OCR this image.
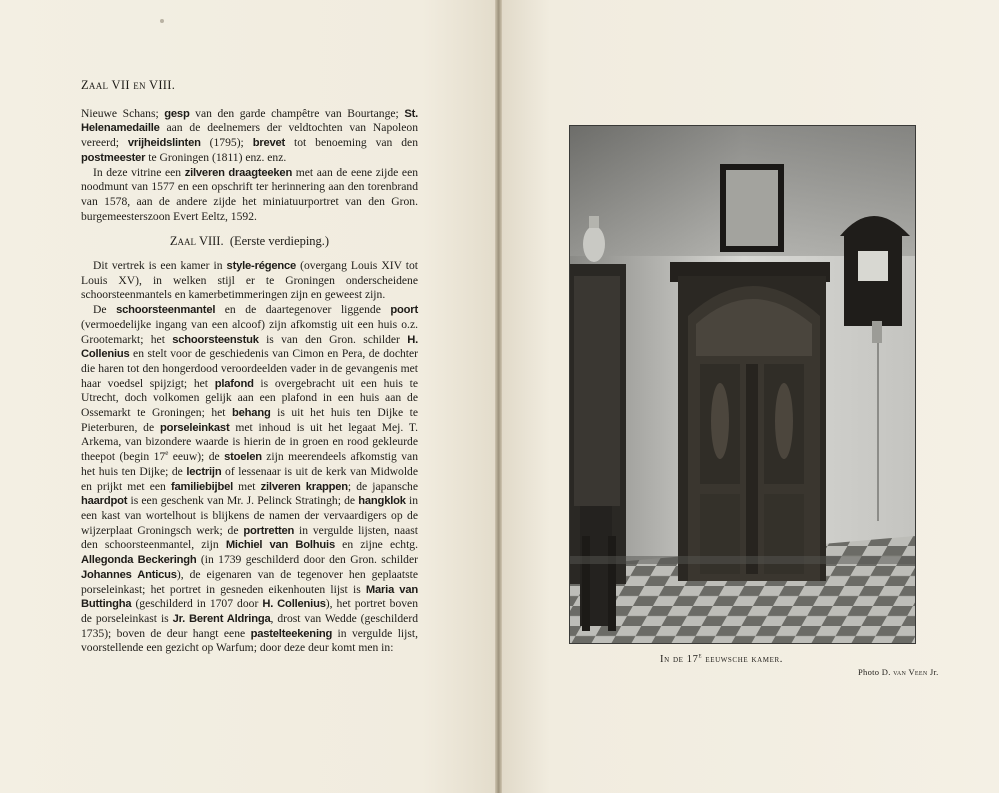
Zaal VII en VIII.

Nieuwe Schans; gesp van den garde champêtre van Bourtange; St. Helenamedaille aan de deelnemers der veldtochten van Napoleon vereerd; vrijheidslinten (1795); brevet tot benoeming van den postmeester te Groningen (1811) enz. enz.

In deze vitrine een zilveren draagteeken met aan de eene zijde een noodmunt van 1577 en een opschrift ter herinnering aan den torenbrand van 1578, aan de andere zijde het miniatuurportret van den Gron. burgemeesterszoon Evert Eeltz, 1592.

Zaal VIII. (Eerste verdieping.)

Dit vertrek is een kamer in style-régence (overgang Louis XIV tot Louis XV), in welken stijl er te Groningen onderscheidene schoorsteenmantels en kamerbetimmeringen zijn en geweest zijn.

De schoorsteenmantel en de daartegenover liggende poort (vermoedelijke ingang van een alcoof) zijn afkomstig uit een huis o.z. Grootemarkt; het schoorsteenstuk is van den Gron. schilder H. Collenius en stelt voor de geschiedenis van Cimon en Pera, de dochter die haren tot den hongerdood veroordeelden vader in de gevangenis met haar voedsel spijzigt; het plafond is overgebracht uit een huis te Utrecht, doch volkomen gelijk aan een plafond in een huis aan de Ossemarkt te Groningen; het behang is uit het huis ten Dijke te Pieterburen, de porseleinkast met inhoud is uit het legaat Mej. T. Arkema, van bizondere waarde is hierin de in groen en rood gekleurde theepot (begin 17e eeuw); de stoelen zijn meerendeels afkomstig van het huis ten Dijke; de lectrijn of lessenaar is uit de kerk van Midwolde en prijkt met een familiebijbel met zilveren krappen; de japansche haardpot is een geschenk van Mr. J. Pelinck Stratingh; de hangklok in een kast van wortelhout is blijkens de namen der vervaardigers op de wijzerplaat Groningsch werk; de portretten in vergulde lijsten, naast den schoorsteenmantel, zijn Michiel van Bolhuis en zijne echtg. Allegonda Beckeringh (in 1739 geschilderd door den Gron. schilder Johannes Anticus), de eigenaren van de tegenover hen geplaatste porseleinkast; het portret in gesneden eikenhouten lijst is Maria van Buttingha (geschilderd in 1707 door H. Collenius), het portret boven de porseleinkast is Jr. Berent Aldringa, drost van Wedde (geschilderd 1735); boven de deur hangt eene pastelteekening in vergulde lijst, voorstellende een gezicht op Warfum; door deze deur komt men in:

In de 17e eeuwsche kamer.
Photo D. van Veen Jr.
